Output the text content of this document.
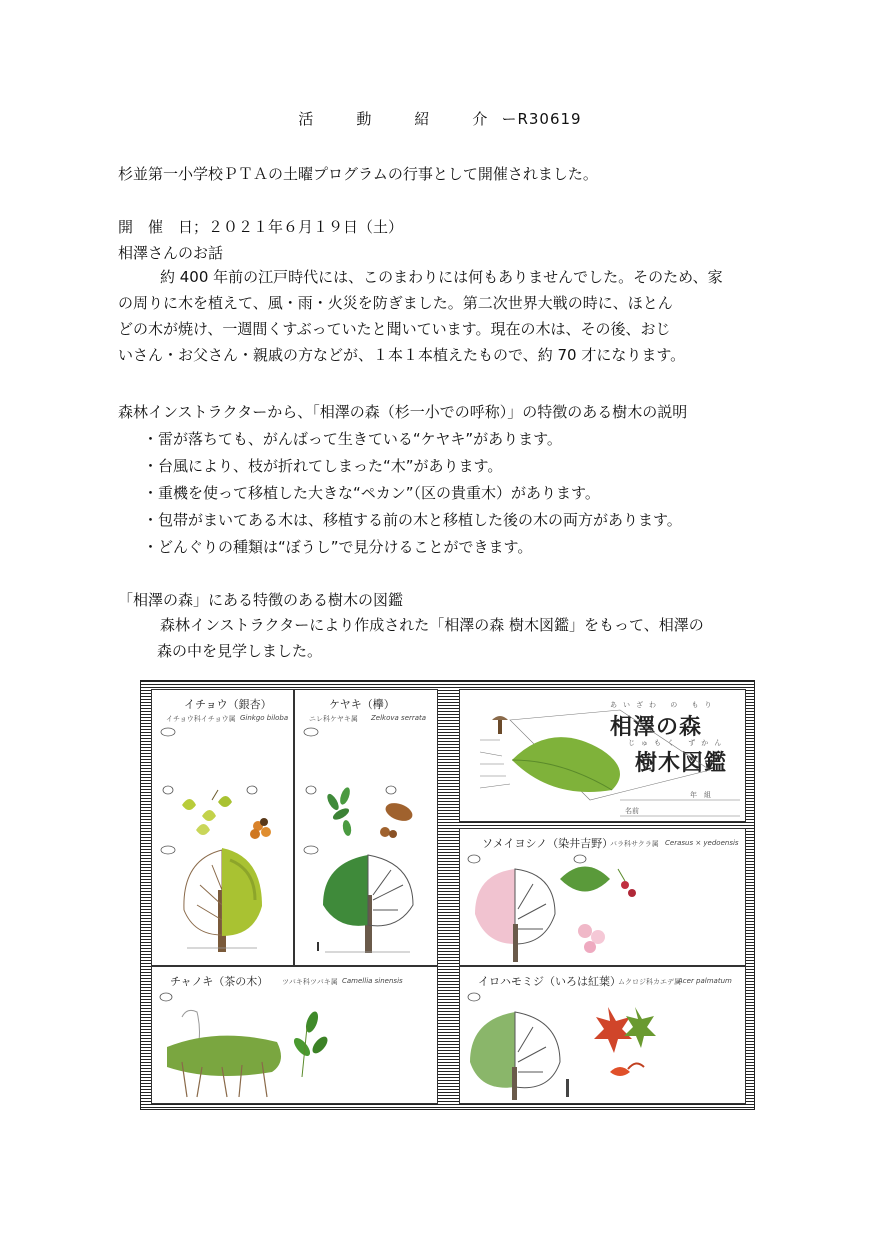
活　動　紹　介ーR30619
杉並第一小学校ＰＴＡの土曜プログラムの行事として開催されました。
開　催　日；２０２１年６月１９日（土）
相澤さんのお話
約 400 年前の江戸時代には、このまわりには何もありませんでした。そのため、家
の周りに木を植えて、風・雨・火災を防ぎました。第二次世界大戦の時に、ほとん
どの木が焼け、一週間くすぶっていたと聞いています。現在の木は、その後、おじ
いさん・お父さん・親戚の方などが、１本１本植えたもので、約 70 才になります。
森林インストラクターから、「相澤の森（杉一小での呼称）」の特徴のある樹木の説明
・雷が落ちても、がんばって生きている“ケヤキ”があります。
・台風により、枝が折れてしまった“木”があります。
・重機を使って移植した大きな“ペカン”（区の貴重木）があります。
・包帯がまいてある木は、移植する前の木と移植した後の木の両方があります。
・どんぐりの種類は“ぼうし”で見分けることができます。
「相澤の森」にある特徴のある樹木の図鑑
森林インストラクターにより作成された「相澤の森 樹木図鑑」をもって、相澤の
森の中を見学しました。
イチョウ（銀杏）
イチョウ科イチョウ属 Ginkgo biloba
ケヤキ（欅）
ニレ科ケヤキ属 Zelkova serrata
あいざわ の もり
相澤の森
じゅもく ずかん
樹木図鑑
年　組
名前
ソメイヨシノ（染井吉野）
バラ科サクラ属 Cerasus × yedoensis
チャノキ（茶の木） ツバキ科ツバキ属 Camellia sinensis	イロハモミジ（いろは紅葉）
ムクロジ科カエデ属
Acer palmatum
